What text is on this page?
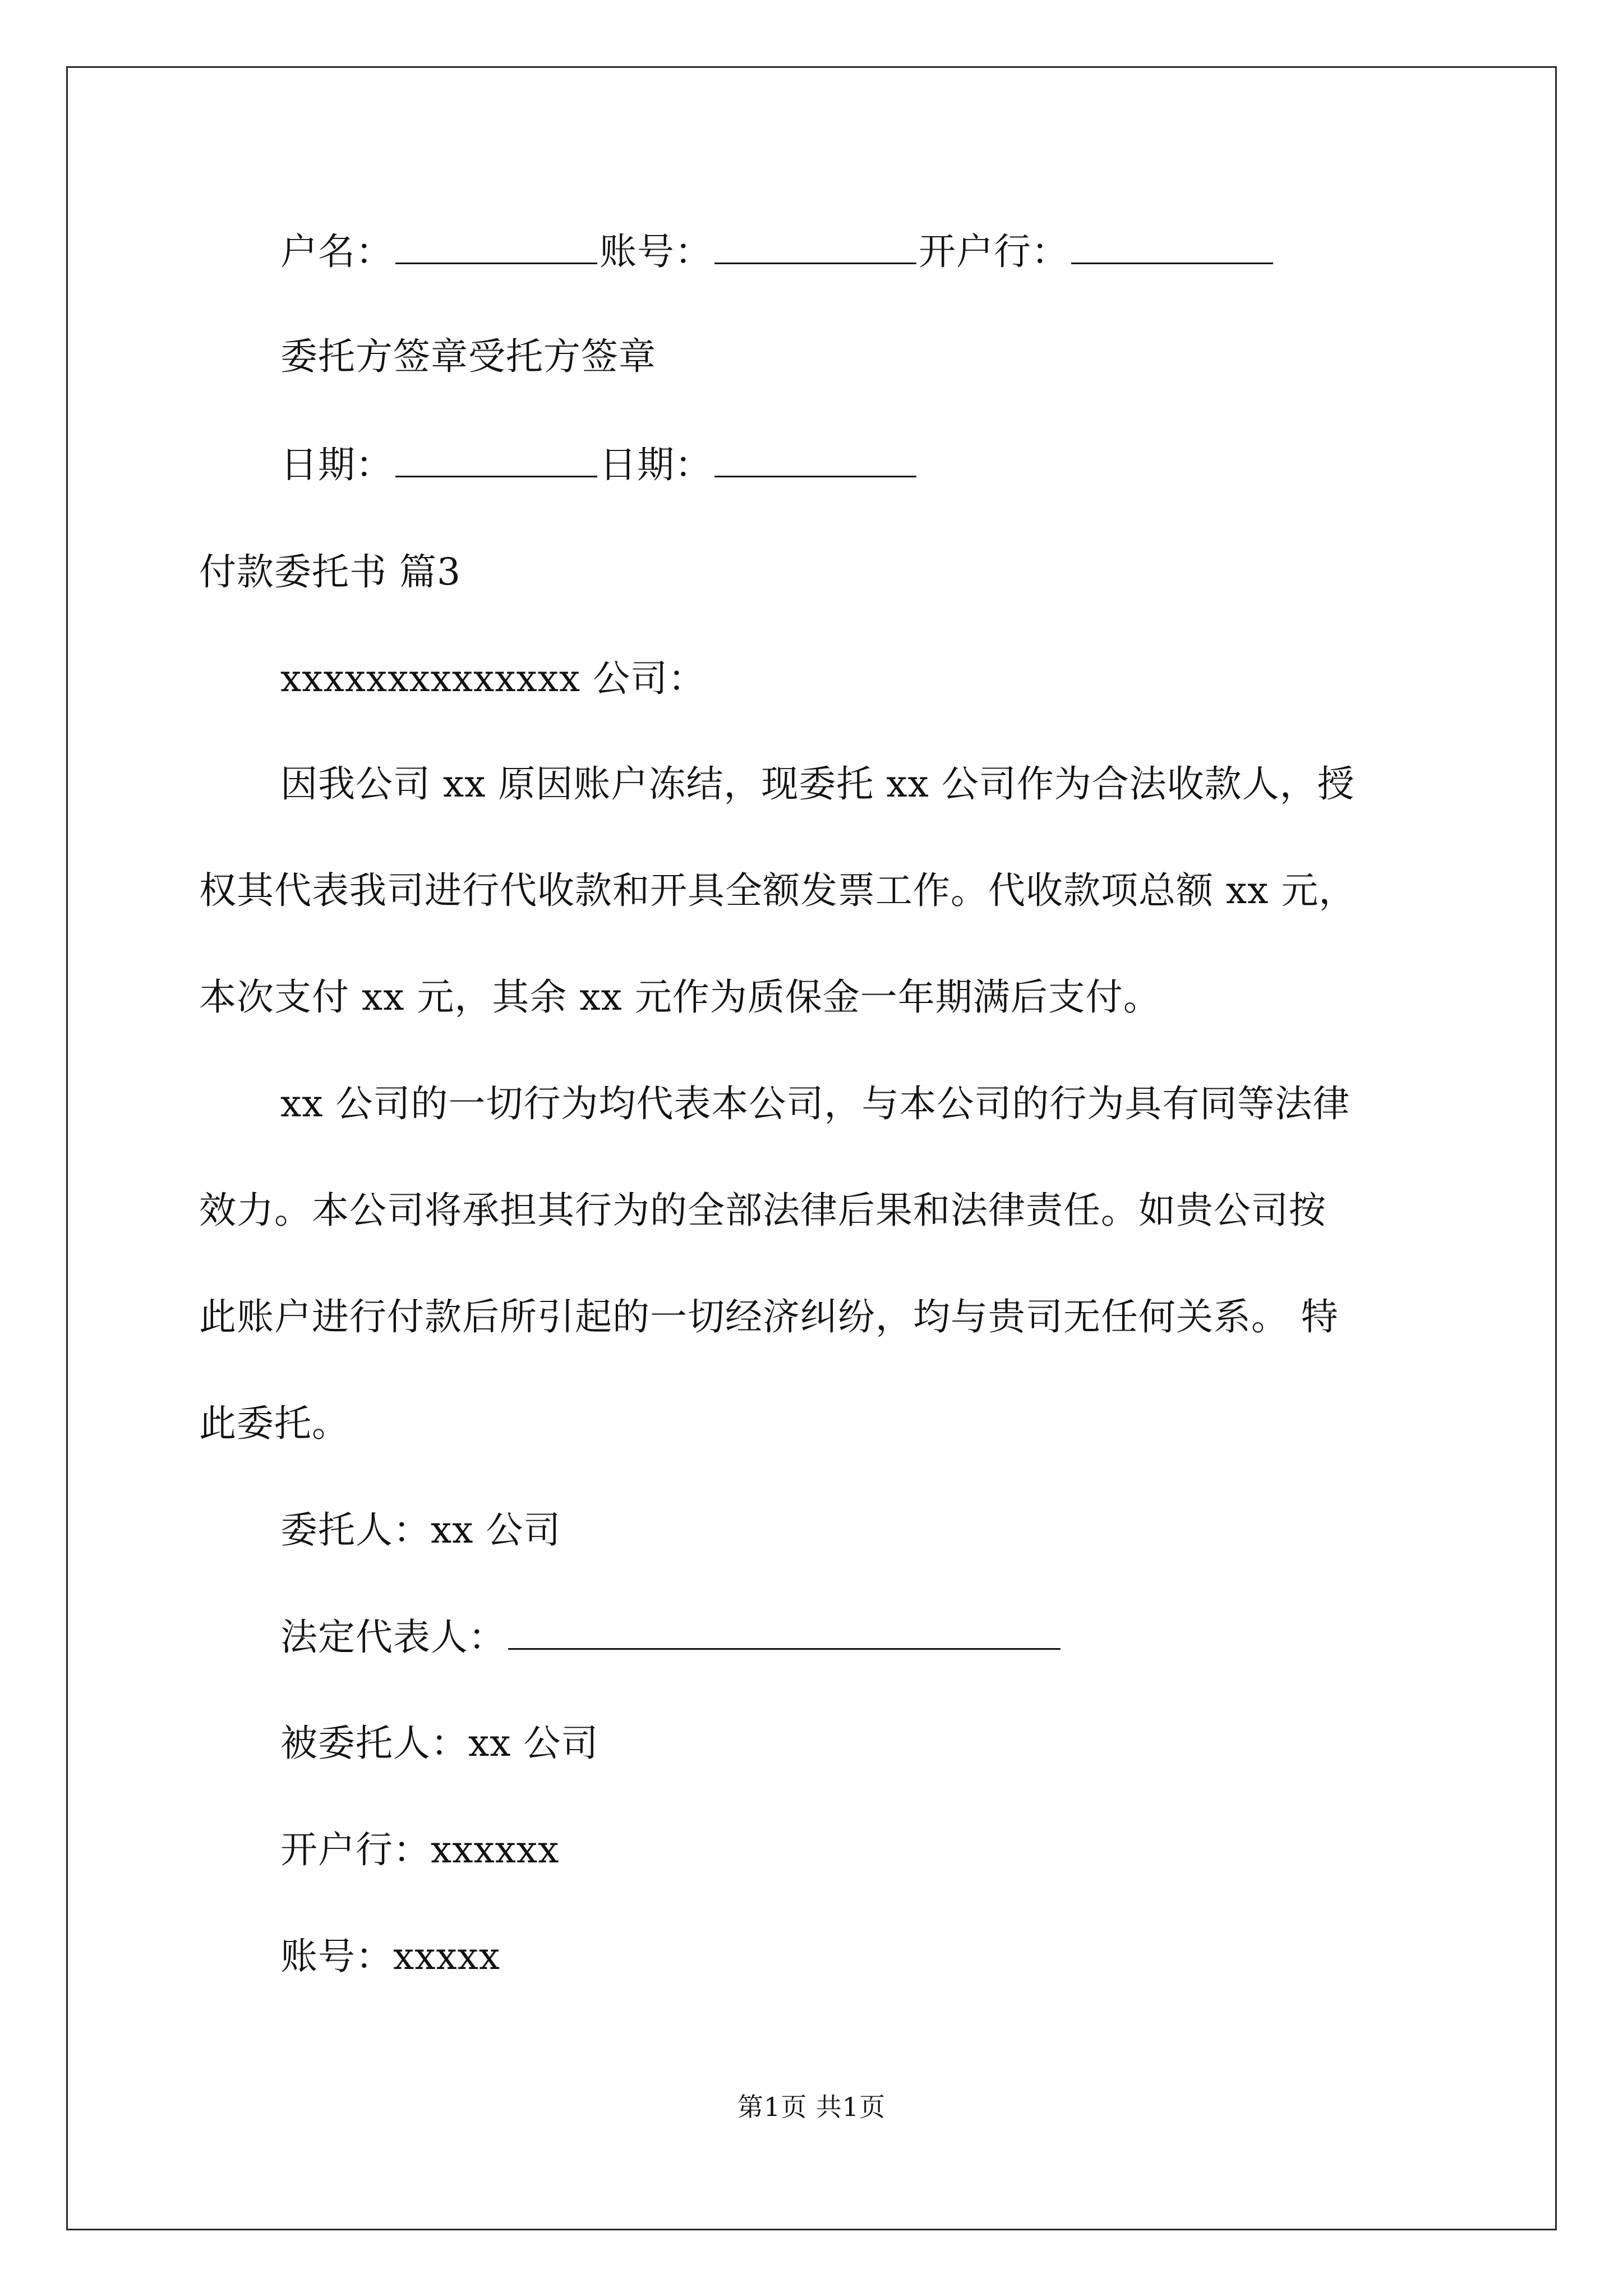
户名：	账号：	开户行：
委托方签章受托方签章
日期：	日期：
付款委托书 篇3
xxxxxxxxxxxxxx 公司：
因我公司 xx 原因账户冻结，现委托 xx 公司作为合法收款人，授
权其代表我司进行代收款和开具全额发票工作。代收款项总额 xx 元，
本次支付 xx 元，其余 xx 元作为质保金一年期满后支付。
xx 公司的一切行为均代表本公司，与本公司的行为具有同等法律
效力。本公司将承担其行为的全部法律后果和法律责任。如贵公司按
此账户进行付款后所引起的一切经济纠纷，均与贵司无任何关系。 特
此委托。
委托人：xx 公司
法定代表人：
被委托人：xx 公司
开户行：xxxxxx
账号：xxxxx
第1页 共1页
